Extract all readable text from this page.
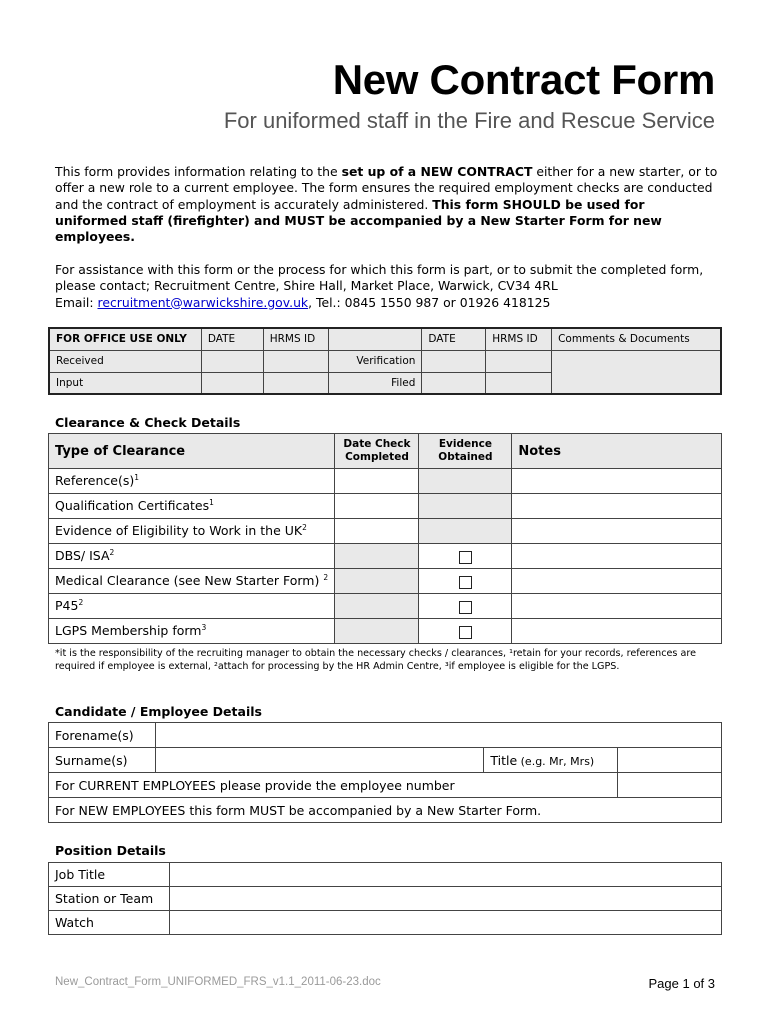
New Contract Form
For uniformed staff in the Fire and Rescue Service
This form provides information relating to the set up of a NEW CONTRACT either for a new starter, or to offer a new role to a current employee. The form ensures the required employment checks are conducted and the contract of employment is accurately administered. This form SHOULD be used for uniformed staff (firefighter) and MUST be accompanied by a New Starter Form for new employees.
For assistance with this form or the process for which this form is part, or to submit the completed form, please contact; Recruitment Centre, Shire Hall, Market Place, Warwick, CV34 4RL
Email: recruitment@warwickshire.gov.uk, Tel.: 0845 1550 987 or 01926 418125
FOR OFFICE USE ONLY	DATE	HRMS ID		DATE	HRMS ID	Comments & Documents
Received			Verification			
Input			Filed			
Clearance & Check Details
Type of Clearance	Date Check Completed	Evidence Obtained	Notes
$Reference(s)^1$			
Qualification Certificates$^1$			
Evidence of Eligibility to Work in the $UK^2$			
DBS/ ISA$^2$			
Medical Clearance (see New Starter Form) $^2$			
$P45^2$			
LGPS Membership form$^3$			
*it is the responsibility of the recruiting manager to obtain the necessary checks / clearances, ¹retain for your records, references are required if employee is external, ²attach for processing by the HR Admin Centre, ³if employee is eligible for the LGPS.
Candidate / Employee Details
Forename(s)			
Surname(s)		Title (e.g. Mr, Mrs)	
For CURRENT EMPLOYEES please provide the employee number			
For NEW EMPLOYEES this form MUST be accompanied by a New Starter Form.			
Position Details
Job Title	
Station or Team	
Watch	
New_Contract_Form_UNIFORMED_FRS_v1.1_2011-06-23.doc	Page 1 of 3
